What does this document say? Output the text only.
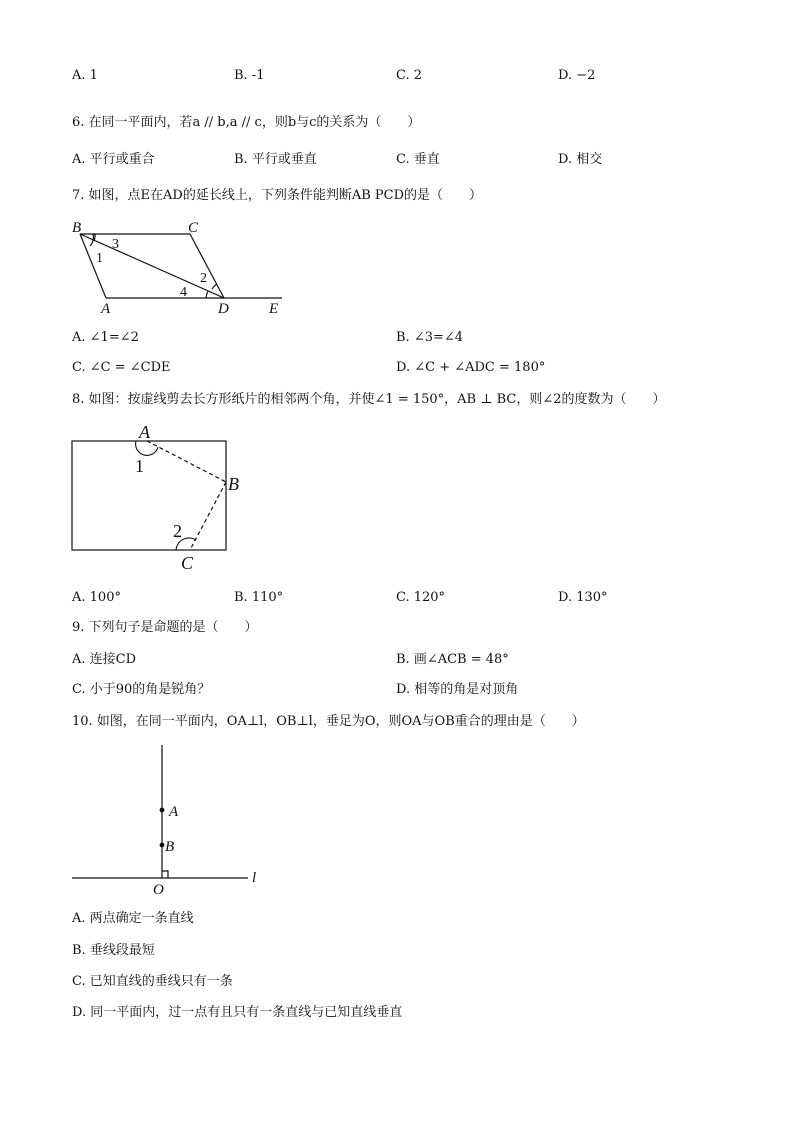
A. 1	B. -1	C. 2	D. −2
6. 在同一平面内，若a // b,a // c，则b与c的关系为（　　）
A. 平行或重合	B. 平行或垂直	C. 垂直	D. 相交
7. 如图，点E在AD的延长线上，下列条件能判断AB PCD的是（　　）
B	C
A	D	E
1
3
2
4
A. ∠1=∠2	B. ∠3=∠4
C. ∠C = ∠CDE	D. ∠C + ∠ADC = 180°
8. 如图：按虚线剪去长方形纸片的相邻两个角，并使∠1 = 150°，AB ⊥ BC，则∠2的度数为（　　）
A
B
C
1
2
A. 100°	B. 110°	C. 120°	D. 130°
9. 下列句子是命题的是（　　）
A. 连接CD	B. 画∠ACB = 48°
C. 小于90的角是锐角？	D. 相等的角是对顶角
10. 如图，在同一平面内，OA⊥l，OB⊥l，垂足为O，则OA与OB重合的理由是（　　）
A
B
O
l
A. 两点确定一条直线
B. 垂线段最短
C. 已知直线的垂线只有一条
D. 同一平面内，过一点有且只有一条直线与已知直线垂直
